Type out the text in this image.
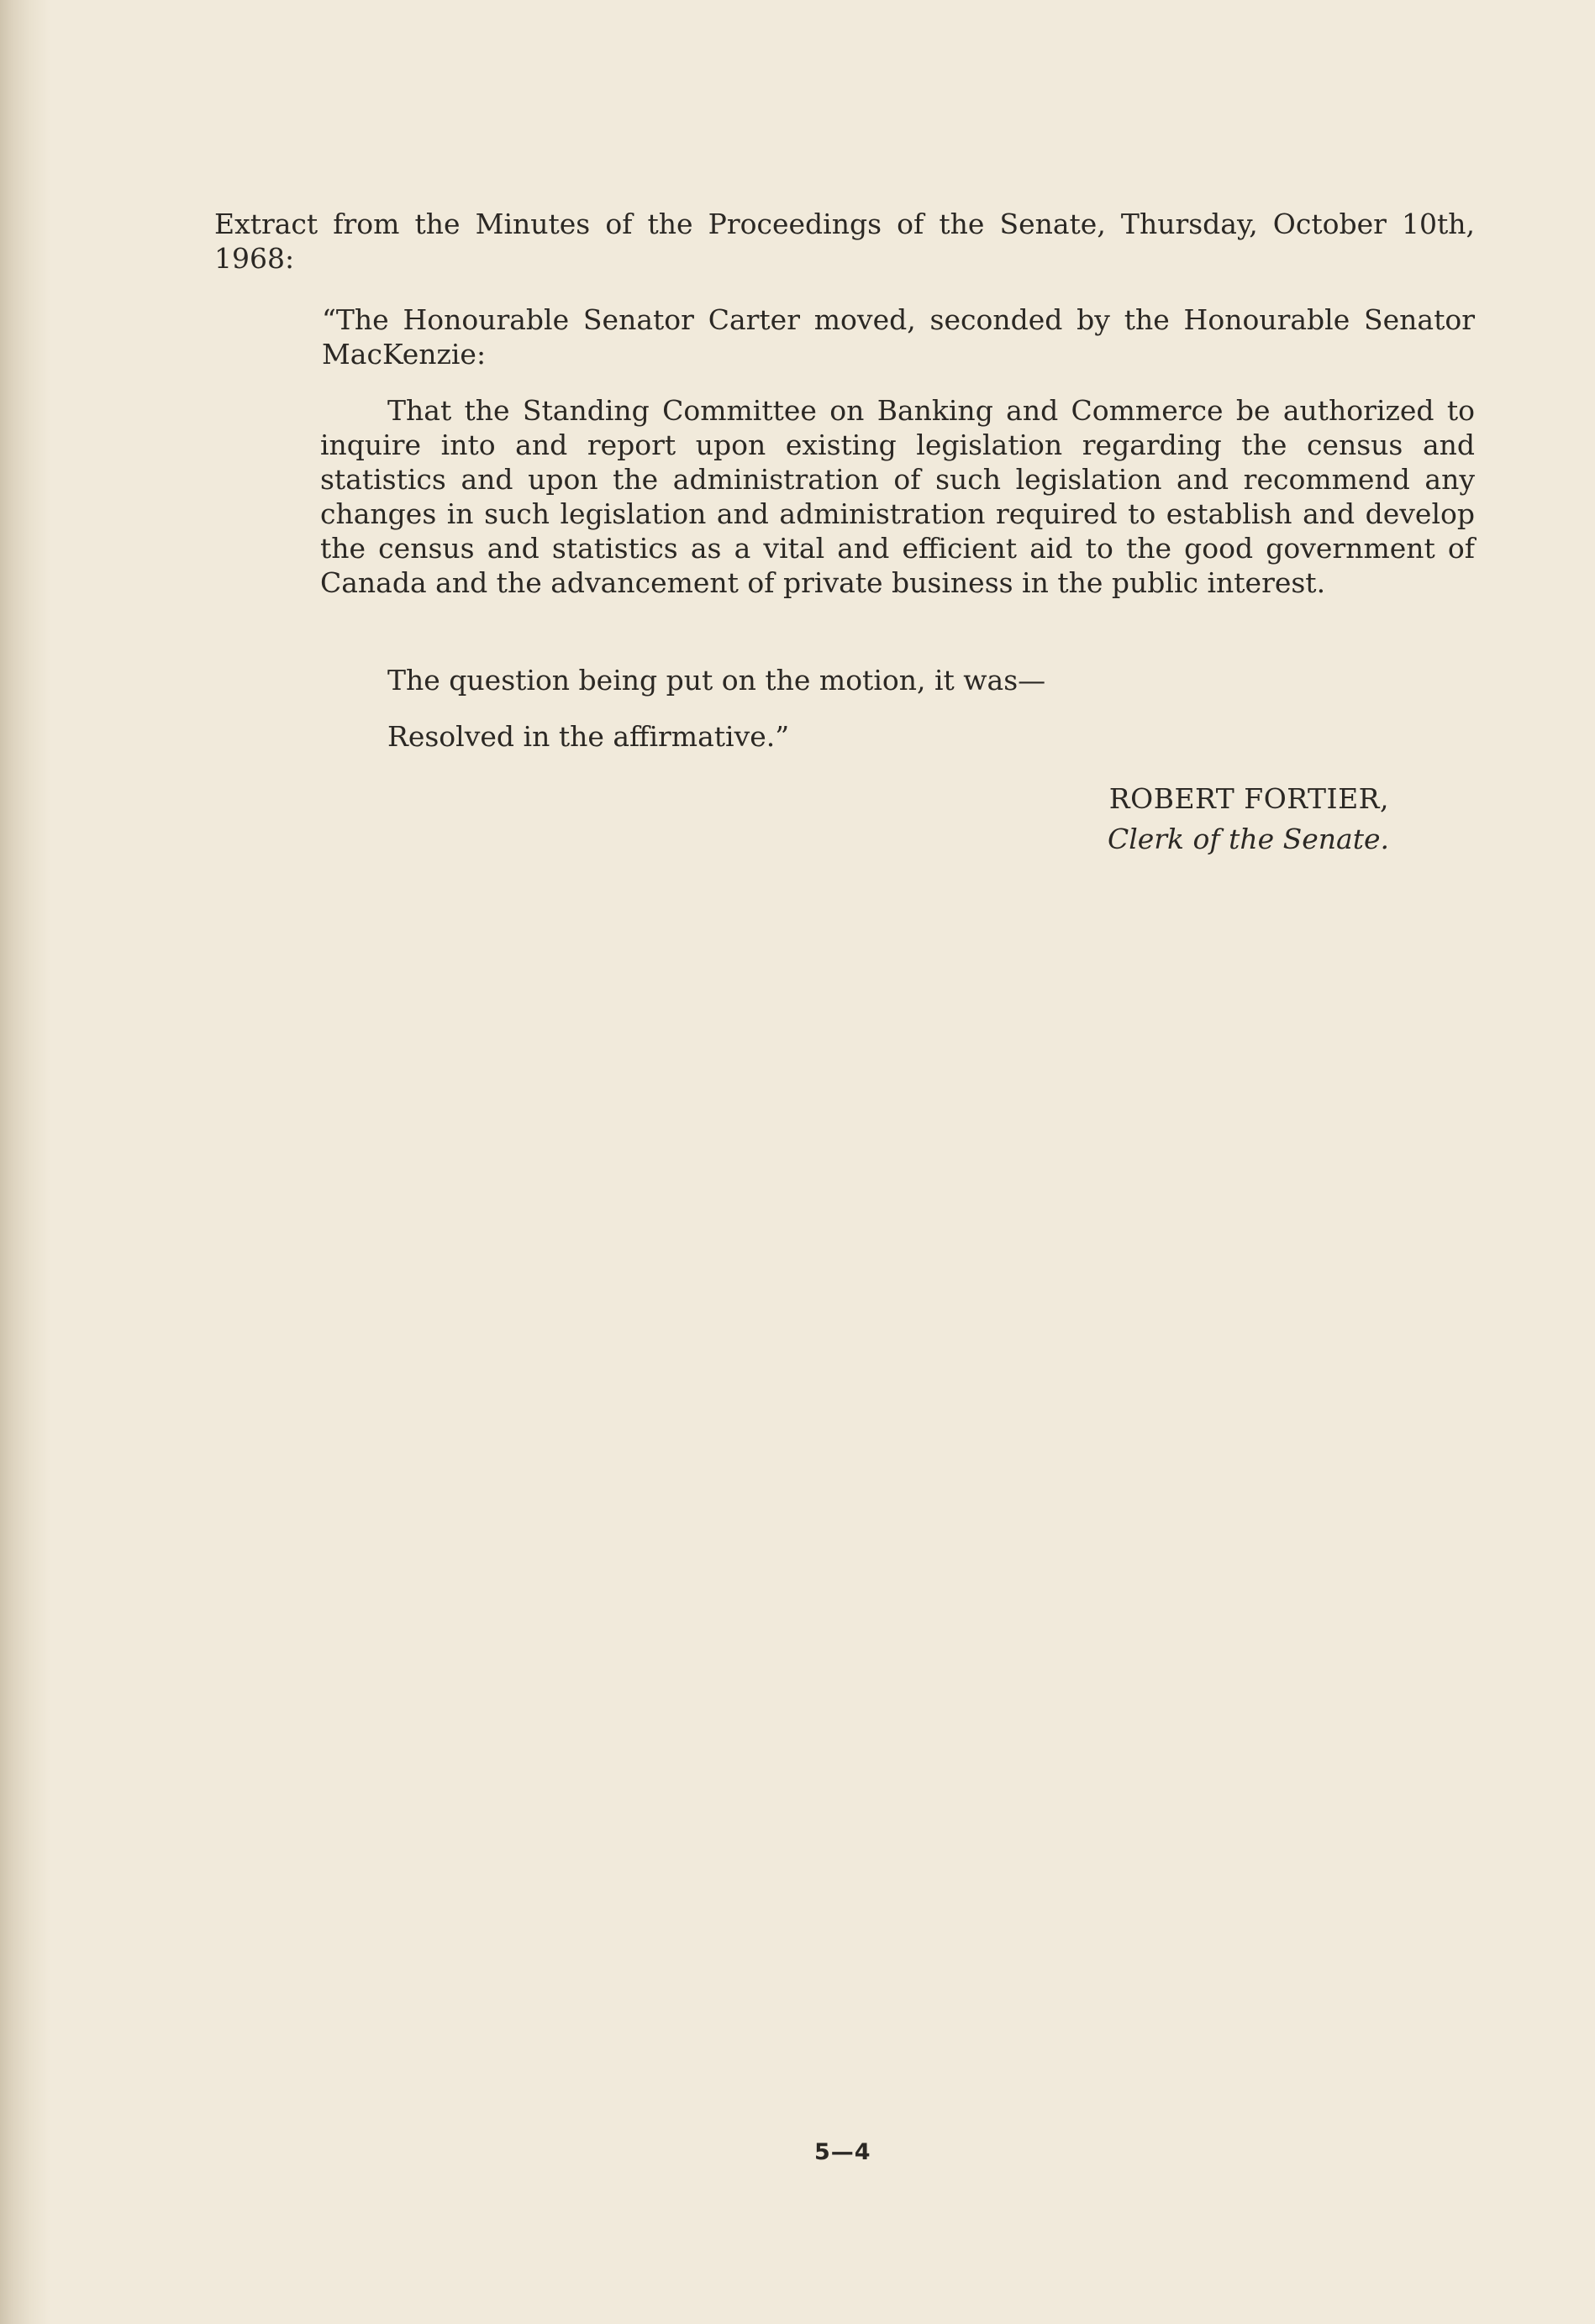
Extract from the Minutes of the Proceedings of the Senate, Thursday, October 10th, 1968:

“The Honourable Senator Carter moved, seconded by the Honourable Senator MacKenzie:

That the Standing Committee on Banking and Commerce be authorized to inquire into and report upon existing legislation regarding the census and statistics and upon the administration of such legislation and recommend any changes in such legislation and administration required to establish and develop the census and statistics as a vital and efficient aid to the good government of Canada and the advancement of private business in the public interest.

The question being put on the motion, it was—

Resolved in the affirmative.”

ROBERT FORTIER,
Clerk of the Senate.
5—4
